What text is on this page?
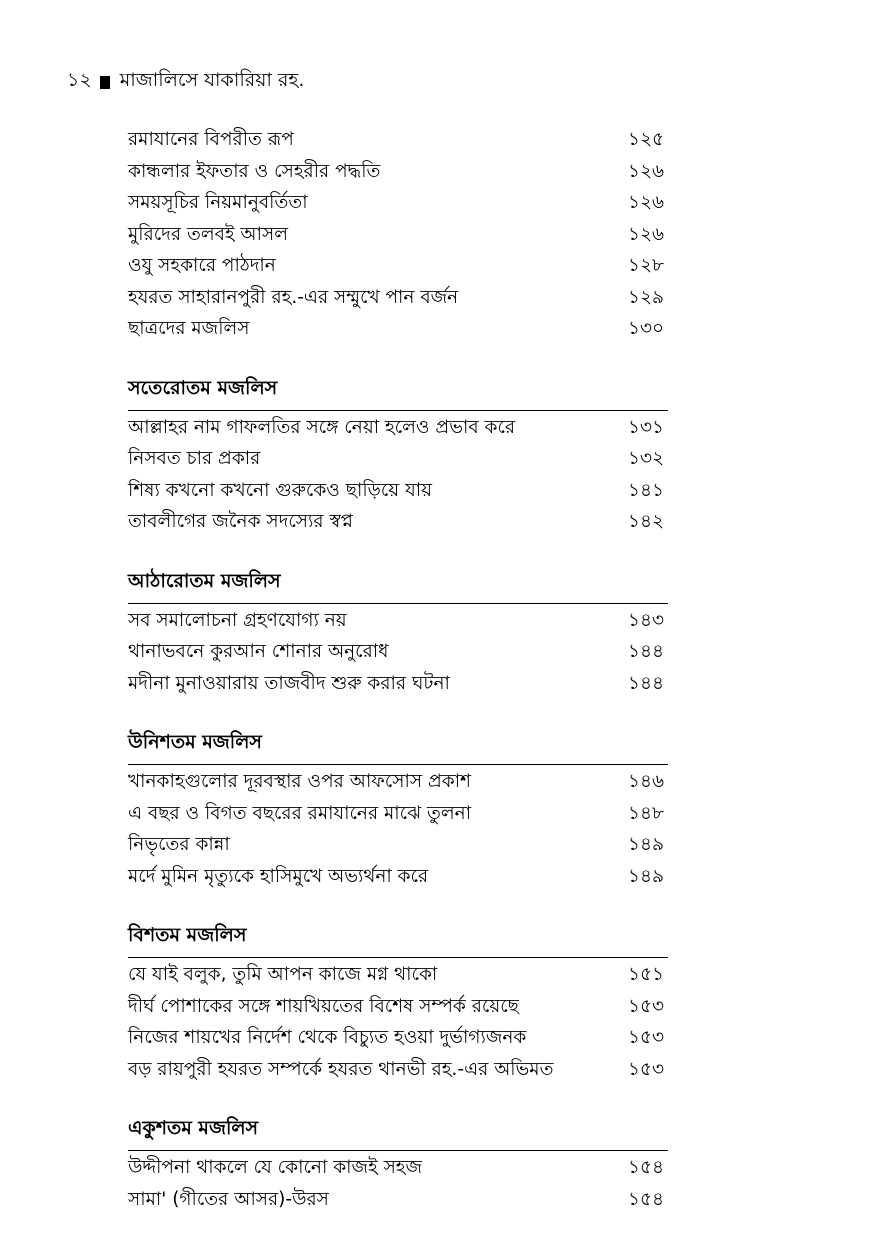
১২ মাজালিসে যাকারিয়া রহ.
রমাযানের বিপরীত রূপ	১২৫
কান্ধলার ইফতার ও সেহরীর পদ্ধতি	১২৬
সময়সূচির নিয়মানুবর্তিতা	১২৬
মুরিদের তলবই আসল	১২৬
ওযু সহকারে পাঠদান	১২৮
হযরত সাহারানপুরী রহ.-এর সম্মুখে পান বর্জন	১২৯
ছাত্রদের মজলিস	১৩০
সতেরোতম মজলিস
আল্লাহর নাম গাফলতির সঙ্গে নেয়া হলেও প্রভাব করে	১৩১
নিসবত চার প্রকার	১৩২
শিষ্য কখনো কখনো গুরুকেও ছাড়িয়ে যায়	১৪১
তাবলীগের জনৈক সদস্যের স্বপ্ন	১৪২
আঠারোতম মজলিস
সব সমালোচনা গ্রহণযোগ্য নয়	১৪৩
থানাভবনে কুরআন শোনার অনুরোধ	১৪৪
মদীনা মুনাওয়ারায় তাজবীদ শুরু করার ঘটনা	১৪৪
উনিশতম মজলিস
খানকাহগুলোর দূরবস্থার ওপর আফসোস প্রকাশ	১৪৬
এ বছর ও বিগত বছরের রমাযানের মাঝে তুলনা	১৪৮
নিভৃতের কান্না	১৪৯
মর্দে মুমিন মৃত্যুকে হাসিমুখে অভ্যর্থনা করে	১৪৯
বিশতম মজলিস
যে যাই বলুক, তুমি আপন কাজে মগ্ন থাকো	১৫১
দীর্ঘ পোশাকের সঙ্গে শায়খিয়তের বিশেষ সম্পর্ক রয়েছে	১৫৩
নিজের শায়খের নির্দেশ থেকে বিচ্যুত হওয়া দুর্ভাগ্যজনক	১৫৩
বড় রায়পুরী হযরত সম্পর্কে হযরত থানভী রহ.-এর অভিমত	১৫৩
একুশতম মজলিস
উদ্দীপনা থাকলে যে কোনো কাজই সহজ	১৫৪
সামা' (গীতের আসর)-উরস	১৫৪
